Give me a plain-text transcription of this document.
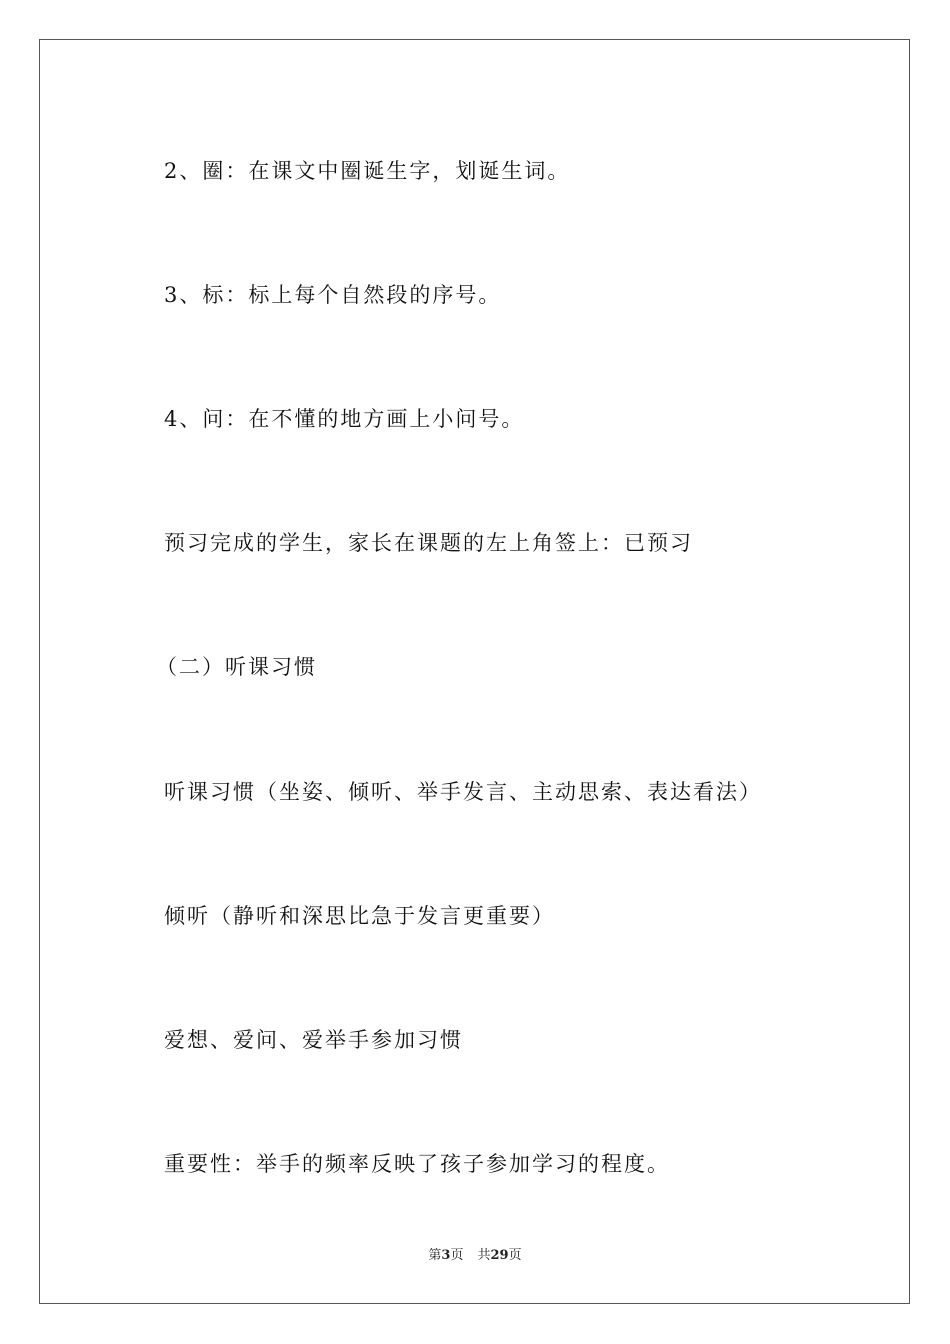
2、圈：在课文中圈诞生字，划诞生词。

3、标：标上每个自然段的序号。

4、问：在不懂的地方画上小问号。

预习完成的学生，家长在课题的左上角签上：已预习

（二）听课习惯

听课习惯（坐姿、倾听、举手发言、主动思索、表达看法）

倾听（静听和深思比急于发言更重要）

爱想、爱问、爱举手参加习惯

重要性：举手的频率反映了孩子参加学习的程度。

第3页 共29页
